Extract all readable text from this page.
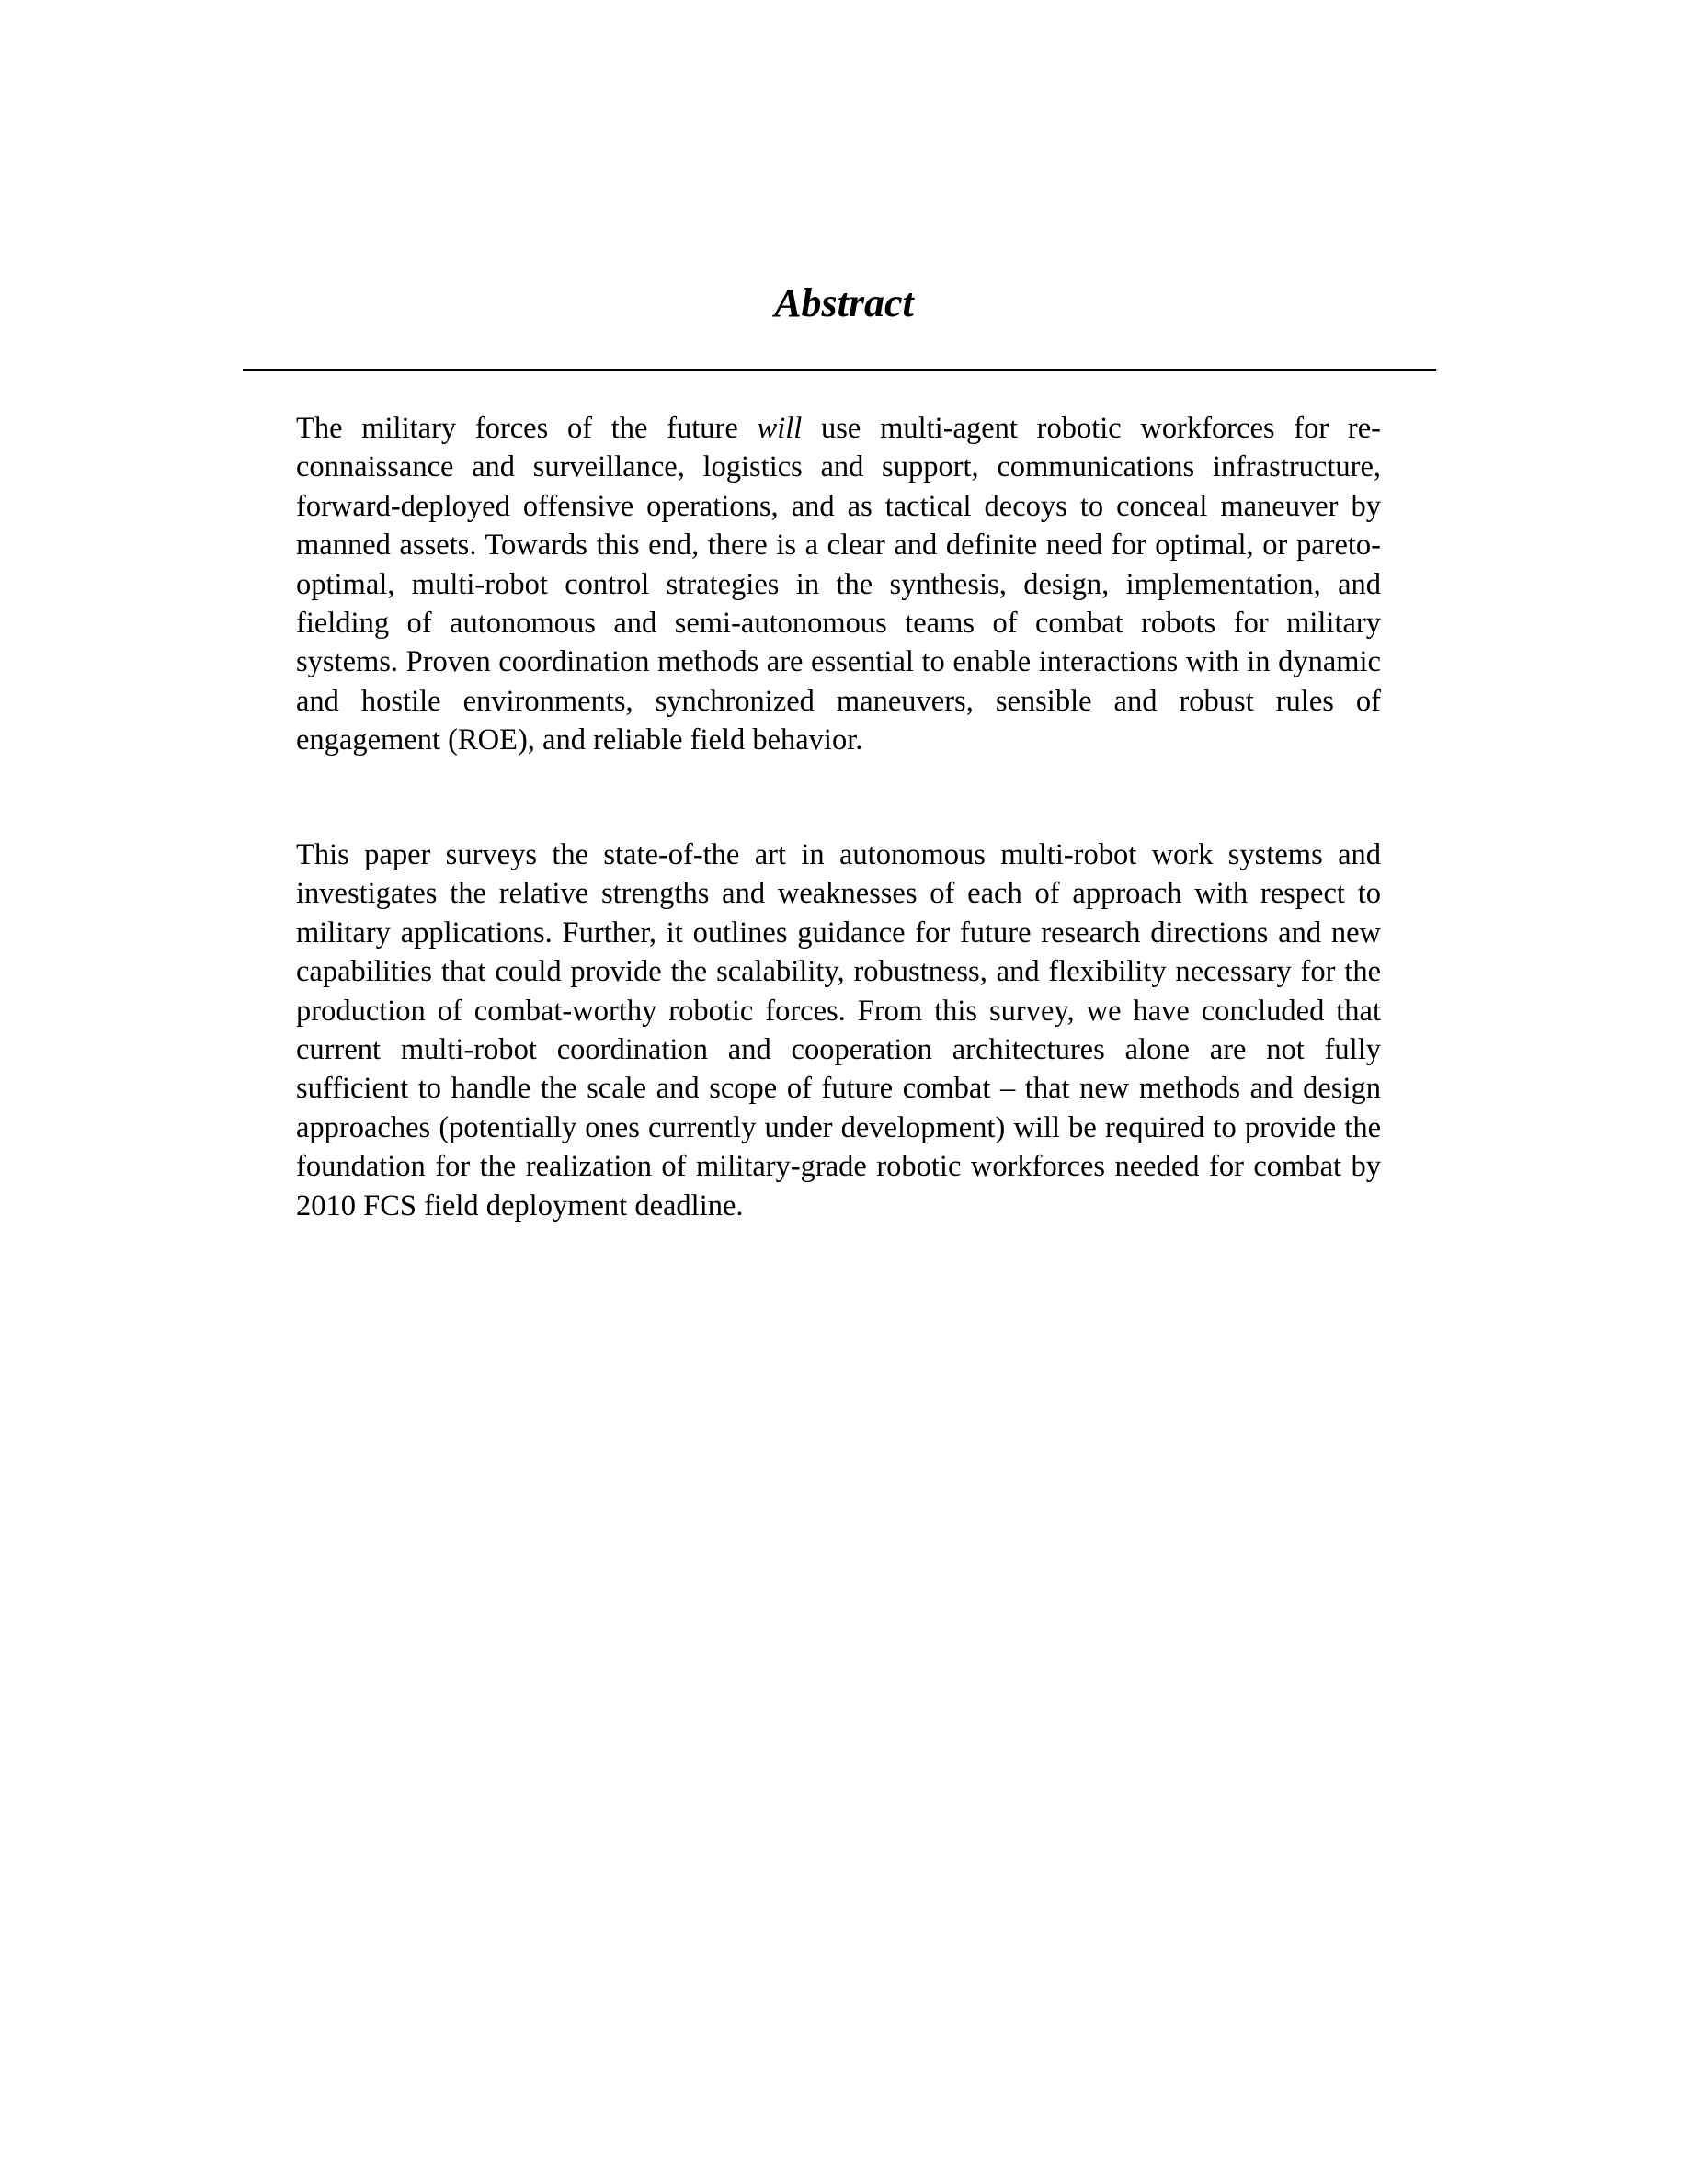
Abstract

The military forces of the future will use multi-agent robotic workforces for reconnaissance and surveillance, logistics and support, communications infrastructure, forward-deployed offensive operations, and as tactical decoys to conceal maneuver by manned assets. Towards this end, there is a clear and definite need for optimal, or pareto-optimal, multi-robot control strategies in the synthesis, design, implementation, and fielding of autonomous and semi-autonomous teams of combat robots for military systems. Proven coordination methods are essential to enable interactions with in dynamic and hostile environments, synchronized maneuvers, sensible and robust rules of engagement (ROE), and reliable field behavior.

This paper surveys the state-of-the art in autonomous multi-robot work systems and investigates the relative strengths and weaknesses of each of approach with respect to military applications. Further, it outlines guidance for future research directions and new capabilities that could provide the scalability, robustness, and flexibility necessary for the production of combat-worthy robotic forces. From this survey, we have concluded that current multi-robot coordination and cooperation architectures alone are not fully sufficient to handle the scale and scope of future combat – that new methods and design approaches (potentially ones currently under development) will be required to provide the foundation for the realization of military-grade robotic workforces needed for combat by 2010 FCS field deployment deadline.
